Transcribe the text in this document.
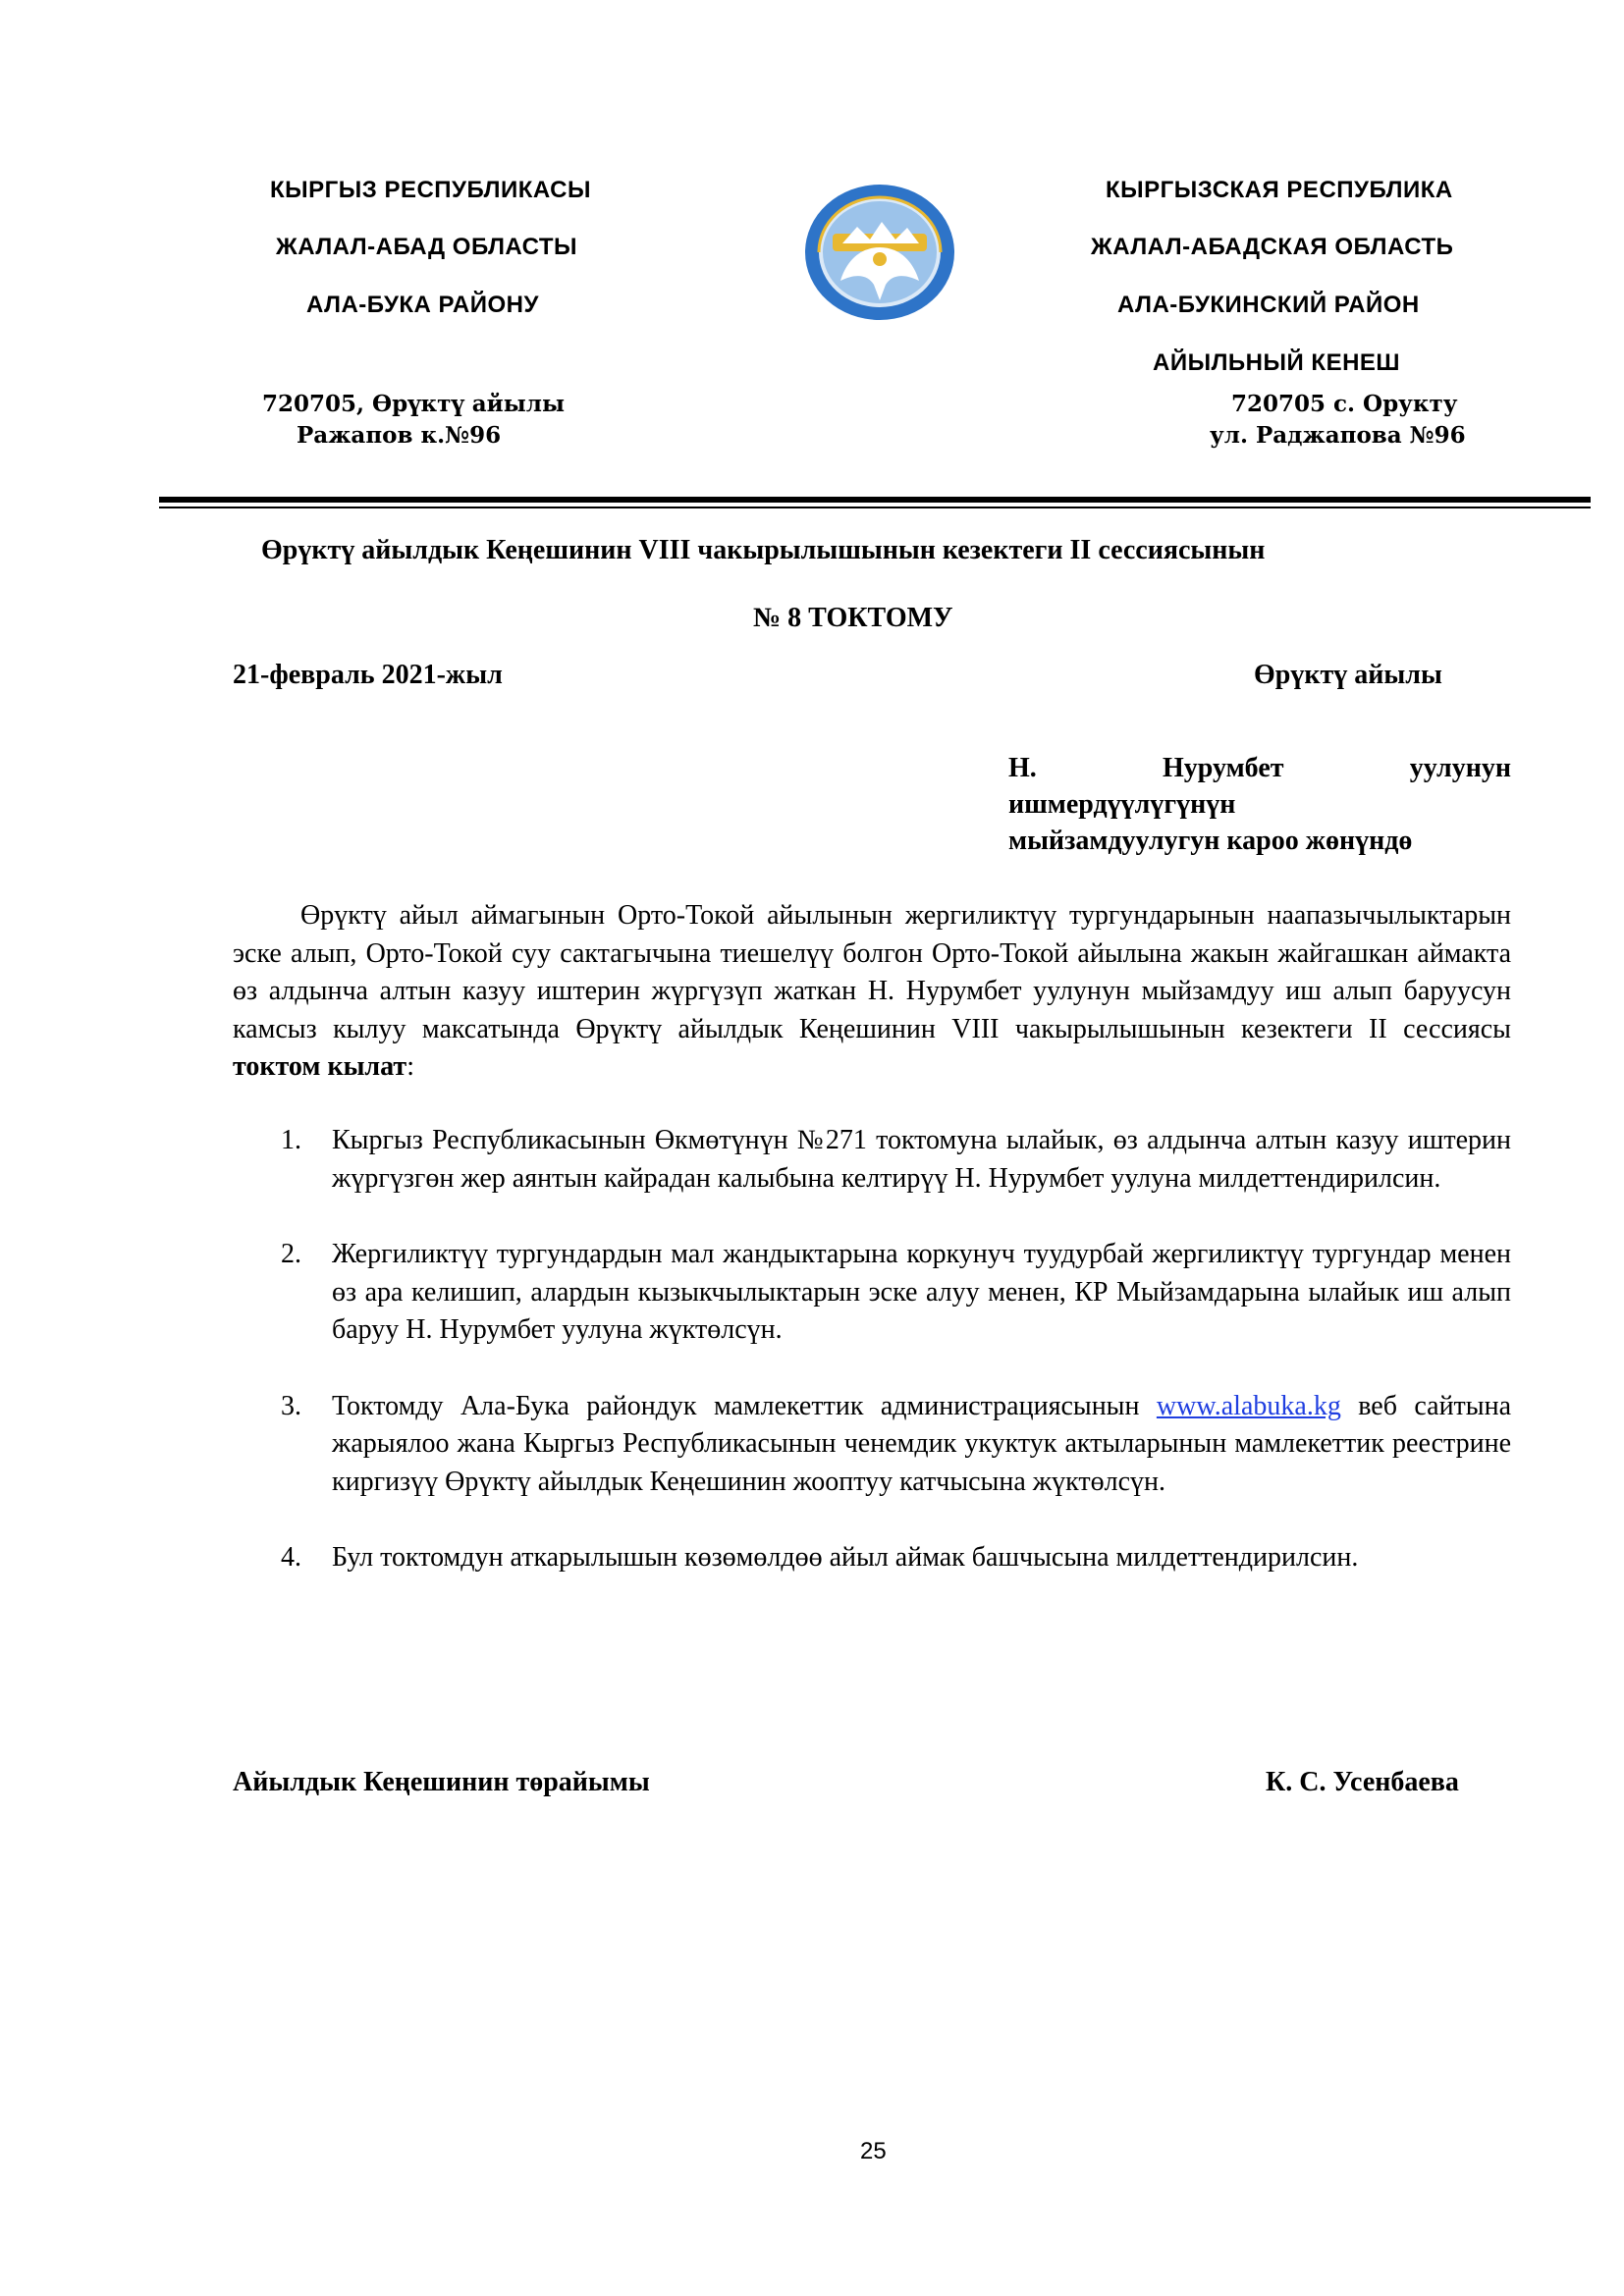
КЫРГЫЗ РЕСПУБЛИКАСЫ
ЖАЛАЛ-АБАД ОБЛАСТЫ
АЛА-БУКА РАЙОНУ
720705, Өрүктү айылы
Ражапов к.№96
КЫРГЫЗСКАЯ РЕСПУБЛИКА
ЖАЛАЛ-АБАДСКАЯ ОБЛАСТЬ
АЛА-БУКИНСКИЙ РАЙОН
АЙЫЛЬНЫЙ КЕНЕШ
720705 с. Орукту
ул. Раджапова №96
Өрүктү айылдык Кеңешинин VIII чакырылышынын кезектеги II сессиясынын
№ 8 ТОКТОМУ
21-февраль 2021-жыл	Өрүктү айылы
Н.	Нурумбет	уулунун
ишмердүүлүгүнүн
мыйзамдуулугун кароо жөнүндө
Өрүктү айыл аймагынын Орто-Токой айылынын жергиликтүү тургундарынын наапазычылыктарын эске алып, Орто-Токой суу сактагычына тиешелүү болгон Орто-Токой айылына жакын жайгашкан аймакта өз алдынча алтын казуу иштерин жүргүзүп жаткан Н. Нурумбет уулунун мыйзамдуу иш алып баруусун камсыз кылуу максатында Өрүктү айылдык Кеңешинин VIII чакырылышынын кезектеги II сессиясы токтом кылат:
1. Кыргыз Республикасынын Өкмөтүнүн №271 токтомуна ылайык, өз алдынча алтын казуу иштерин жүргүзгөн жер аянтын кайрадан калыбына келтирүү Н. Нурумбет уулуна милдеттендирилсин.
2. Жергиликтүү тургундардын мал жандыктарына коркунуч туудурбай жергиликтүү тургундар менен өз ара келишип, алардын кызыкчылыктарын эске алуу менен, КР Мыйзамдарына ылайык иш алып баруу Н. Нурумбет уулуна жүктөлсүн.
3. Токтомду Ала-Бука райондук мамлекеттик администрациясынын www.alabuka.kg веб сайтына жарыялоо жана Кыргыз Республикасынын ченемдик укуктук актыларынын мамлекеттик реестрине киргизүү Өрүктү айылдык Кеңешинин жооптуу катчысына жүктөлсүн.
4. Бул токтомдун аткарылышын көзөмөлдөө айыл аймак башчысына милдеттендирилсин.
Айылдык Кеңешинин төрайымы	К. С. Усенбаева
25
